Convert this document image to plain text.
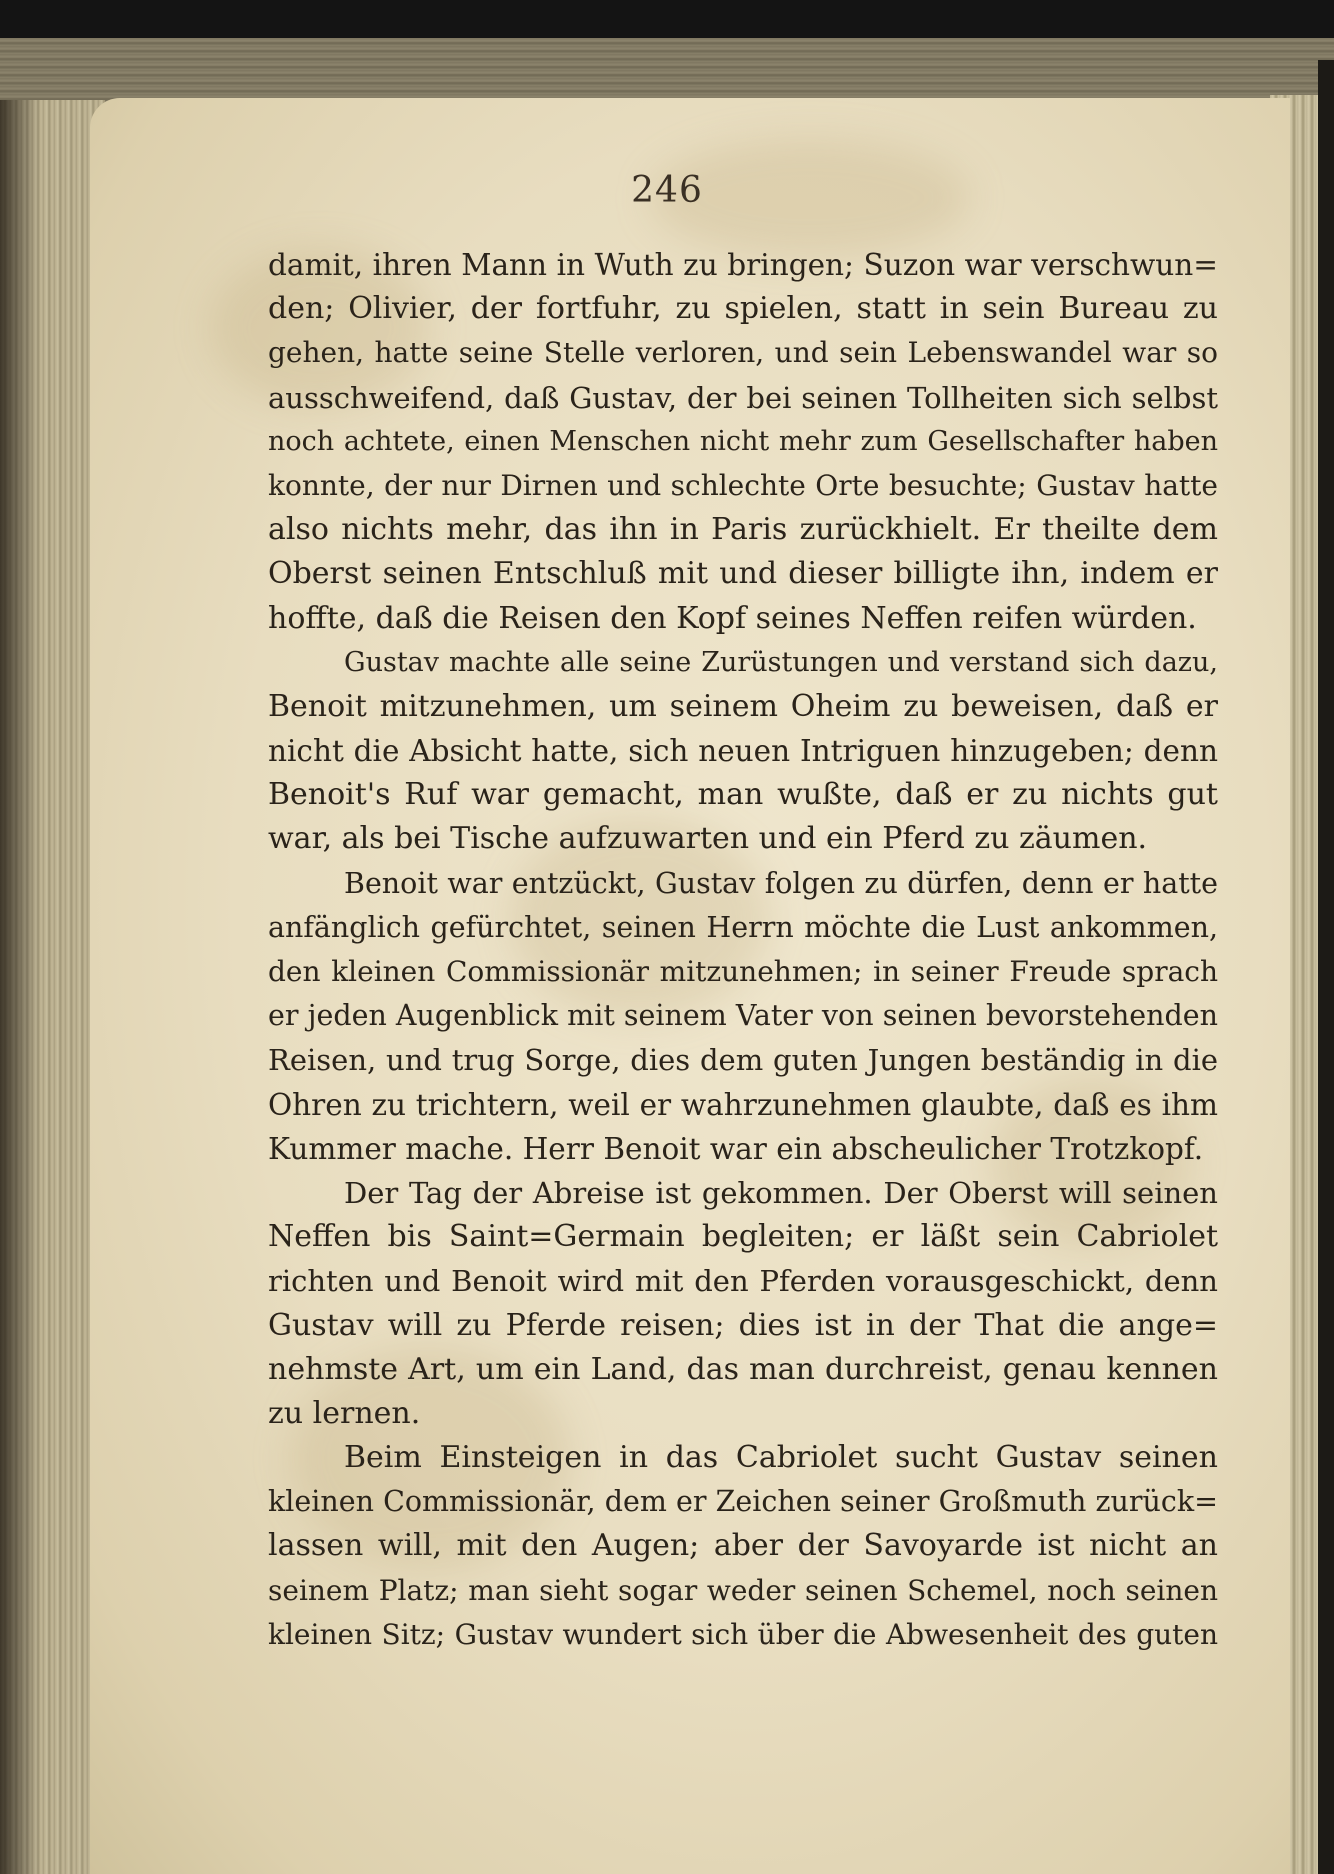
246
damit, ihren Mann in Wuth zu bringen; Suzon war verschwun=
den; Olivier, der fortfuhr, zu spielen, statt in sein Bureau zu
gehen, hatte seine Stelle verloren, und sein Lebenswandel war so
ausschweifend, daß Gustav, der bei seinen Tollheiten sich selbst
noch achtete, einen Menschen nicht mehr zum Gesellschafter haben
konnte, der nur Dirnen und schlechte Orte besuchte; Gustav hatte
also nichts mehr, das ihn in Paris zurückhielt. Er theilte dem
Oberst seinen Entschluß mit und dieser billigte ihn, indem er
hoffte, daß die Reisen den Kopf seines Neffen reifen würden.
Gustav machte alle seine Zurüstungen und verstand sich dazu,
Benoit mitzunehmen, um seinem Oheim zu beweisen, daß er
nicht die Absicht hatte, sich neuen Intriguen hinzugeben; denn
Benoit's Ruf war gemacht, man wußte, daß er zu nichts gut
war, als bei Tische aufzuwarten und ein Pferd zu zäumen.
Benoit war entzückt, Gustav folgen zu dürfen, denn er hatte
anfänglich gefürchtet, seinen Herrn möchte die Lust ankommen,
den kleinen Commissionär mitzunehmen; in seiner Freude sprach
er jeden Augenblick mit seinem Vater von seinen bevorstehenden
Reisen, und trug Sorge, dies dem guten Jungen beständig in die
Ohren zu trichtern, weil er wahrzunehmen glaubte, daß es ihm
Kummer mache. Herr Benoit war ein abscheulicher Trotzkopf.
Der Tag der Abreise ist gekommen. Der Oberst will seinen
Neffen bis Saint=Germain begleiten; er läßt sein Cabriolet
richten und Benoit wird mit den Pferden vorausgeschickt, denn
Gustav will zu Pferde reisen; dies ist in der That die ange=
nehmste Art, um ein Land, das man durchreist, genau kennen
zu lernen.
Beim Einsteigen in das Cabriolet sucht Gustav seinen
kleinen Commissionär, dem er Zeichen seiner Großmuth zurück=
lassen will, mit den Augen; aber der Savoyarde ist nicht an
seinem Platz; man sieht sogar weder seinen Schemel, noch seinen
kleinen Sitz; Gustav wundert sich über die Abwesenheit des guten
